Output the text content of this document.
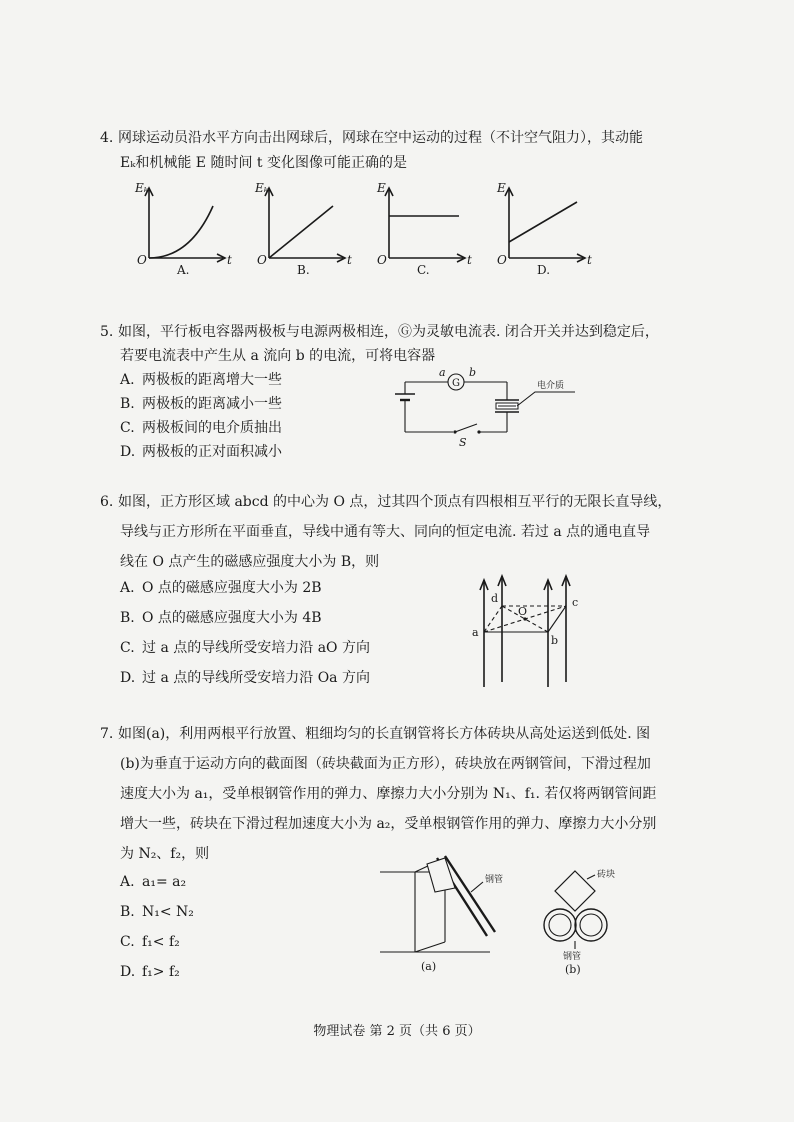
4. 网球运动员沿水平方向击出网球后，网球在空中运动的过程（不计空气阻力），其动能
Eₖ和机械能 E 随时间 t 变化图像可能正确的是
Eₖ
O	t
A.
Eₖ
O	t
B.
E
O	t
C.
E
O	t
D.
5. 如图，平行板电容器两极板与电源两极相连，Ⓖ为灵敏电流表. 闭合开关并达到稳定后，
若要电流表中产生从 a 流向 b 的电流，可将电容器
A. 两极板的距离增大一些
B. 两极板的距离减小一些
C. 两极板间的电介质抽出
D. 两极板的正对面积减小
G
a b
S
电介质
6. 如图，正方形区域 abcd 的中心为 O 点，过其四个顶点有四根相互平行的无限长直导线，
导线与正方形所在平面垂直，导线中通有等大、同向的恒定电流. 若过 a 点的通电直导
线在 O 点产生的磁感应强度大小为 B，则
A. O 点的磁感应强度大小为 2B
B. O 点的磁感应强度大小为 4B
C. 过 a 点的导线所受安培力沿 aO 方向
D. 过 a 点的导线所受安培力沿 Oa 方向
a
b
c
d
O
7. 如图(a)，利用两根平行放置、粗细均匀的长直钢管将长方体砖块从高处运送到低处. 图
(b)为垂直于运动方向的截面图（砖块截面为正方形），砖块放在两钢管间，下滑过程加
速度大小为 a₁，受单根钢管作用的弹力、摩擦力大小分别为 N₁、f₁. 若仅将两钢管间距
增大一些，砖块在下滑过程加速度大小为 a₂，受单根钢管作用的弹力、摩擦力大小分别
为 N₂、f₂，则
A. a₁= a₂
B. N₁< N₂
C. f₁< f₂
D. f₁> f₂
钢管
(a)
砖块
钢管
(b)
物理试卷 第 2 页（共 6 页）
